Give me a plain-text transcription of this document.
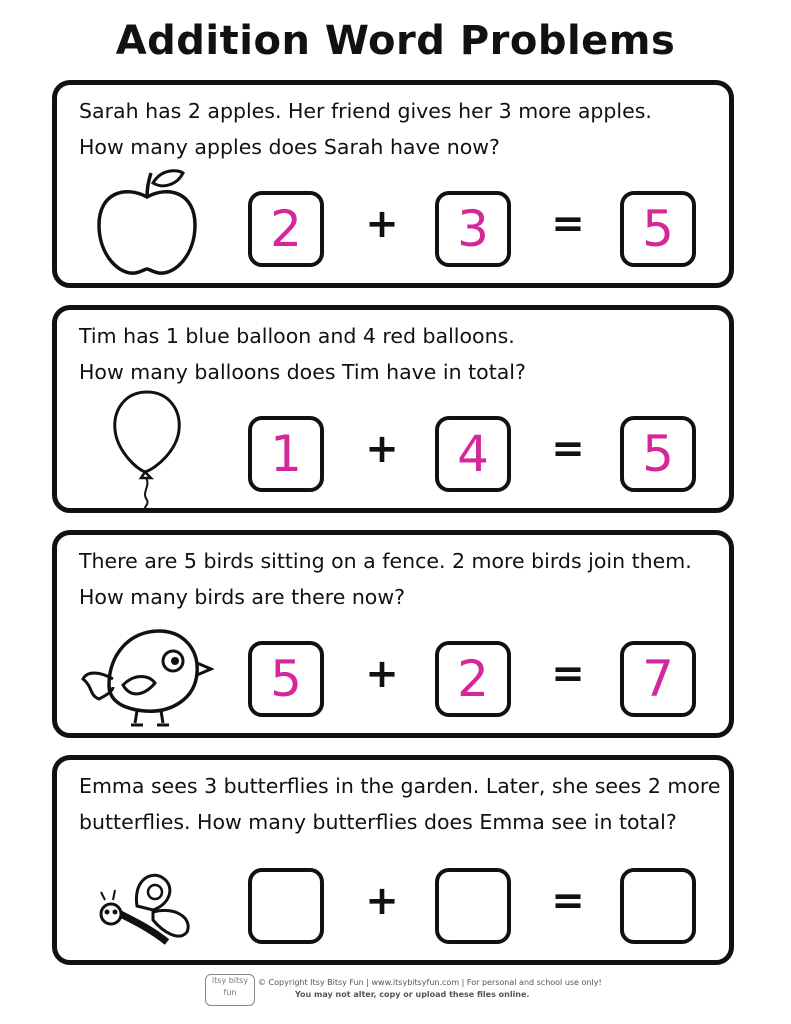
Addition Word Problems
Sarah has 2 apples. Her friend gives her 3 more apples. How many apples does Sarah have now?
2	+	3	=	5
Tim has 1 blue balloon and 4 red balloons. How many balloons does Tim have in total?
1	+	4	=	5
There are 5 birds sitting on a fence. 2 more birds join them. How many birds are there now?
5	+	2	=	7
Emma sees 3 butterflies in the garden. Later, she sees 2 more butterflies. How many butterflies does Emma see in total?
+	=
itsy bitsy fun
© Copyright Itsy Bitsy Fun | www.itsybitsyfun.com | For personal and school use only!
You may not alter, copy or upload these files online.
